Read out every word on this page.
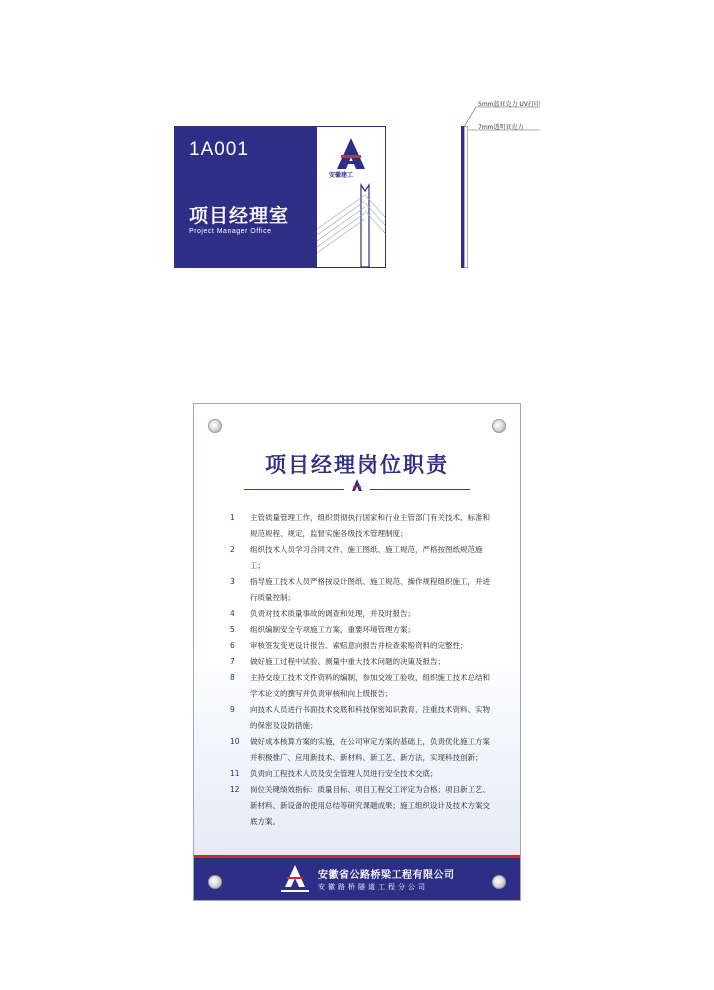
1A001
项目经理室
Project Manager Office
安徽建工
5mm蓝亚克力 UV打印
7mm透明亚克力
项目经理岗位职责
1	主管质量管理工作，组织贯彻执行国家和行业主管部门有关技术、标准和规范规程、规定，监督实施各级技术管理制度；
2	组织技术人员学习合同文件、施工图纸、施工规范，严格按图纸规范施工；
3	指导施工技术人员严格按设计图纸、施工规范、操作规程组织施工，并进行质量控制；
4	负责对技术质量事故的调查和处理，并及时报告；
5	组织编制安全专项施工方案，重要环境管理方案；
6	审核签发变更设计报告、索赔意向报告并检查索赔资料的完整性；
7	做好施工过程中试验、测量中重大技术问题的决策及报告；
8	主持交竣工技术文件资料的编制，参加交竣工验收，组织施工技术总结和学术论文的撰写并负责审核和向上级报告；
9	向技术人员进行书面技术交底和科技保密知识教育，注重技术资料、实物的保密及设防措施；
10	做好成本核算方案的实施，在公司审定方案的基础上，负责优化施工方案并积极推广、应用新技术、新材料、新工艺、新方法，实现科技创新；
11	负责向工程技术人员及安全管理人员进行安全技术交底；
12	岗位关键绩效指标：质量目标、项目工程交工评定为合格；项目新工艺、新材料、新设备的使用总结等研究课题成果；施工组织设计及技术方案交底方案。
安徽省公路桥梁工程有限公司
安徽路桥隧道工程分公司
